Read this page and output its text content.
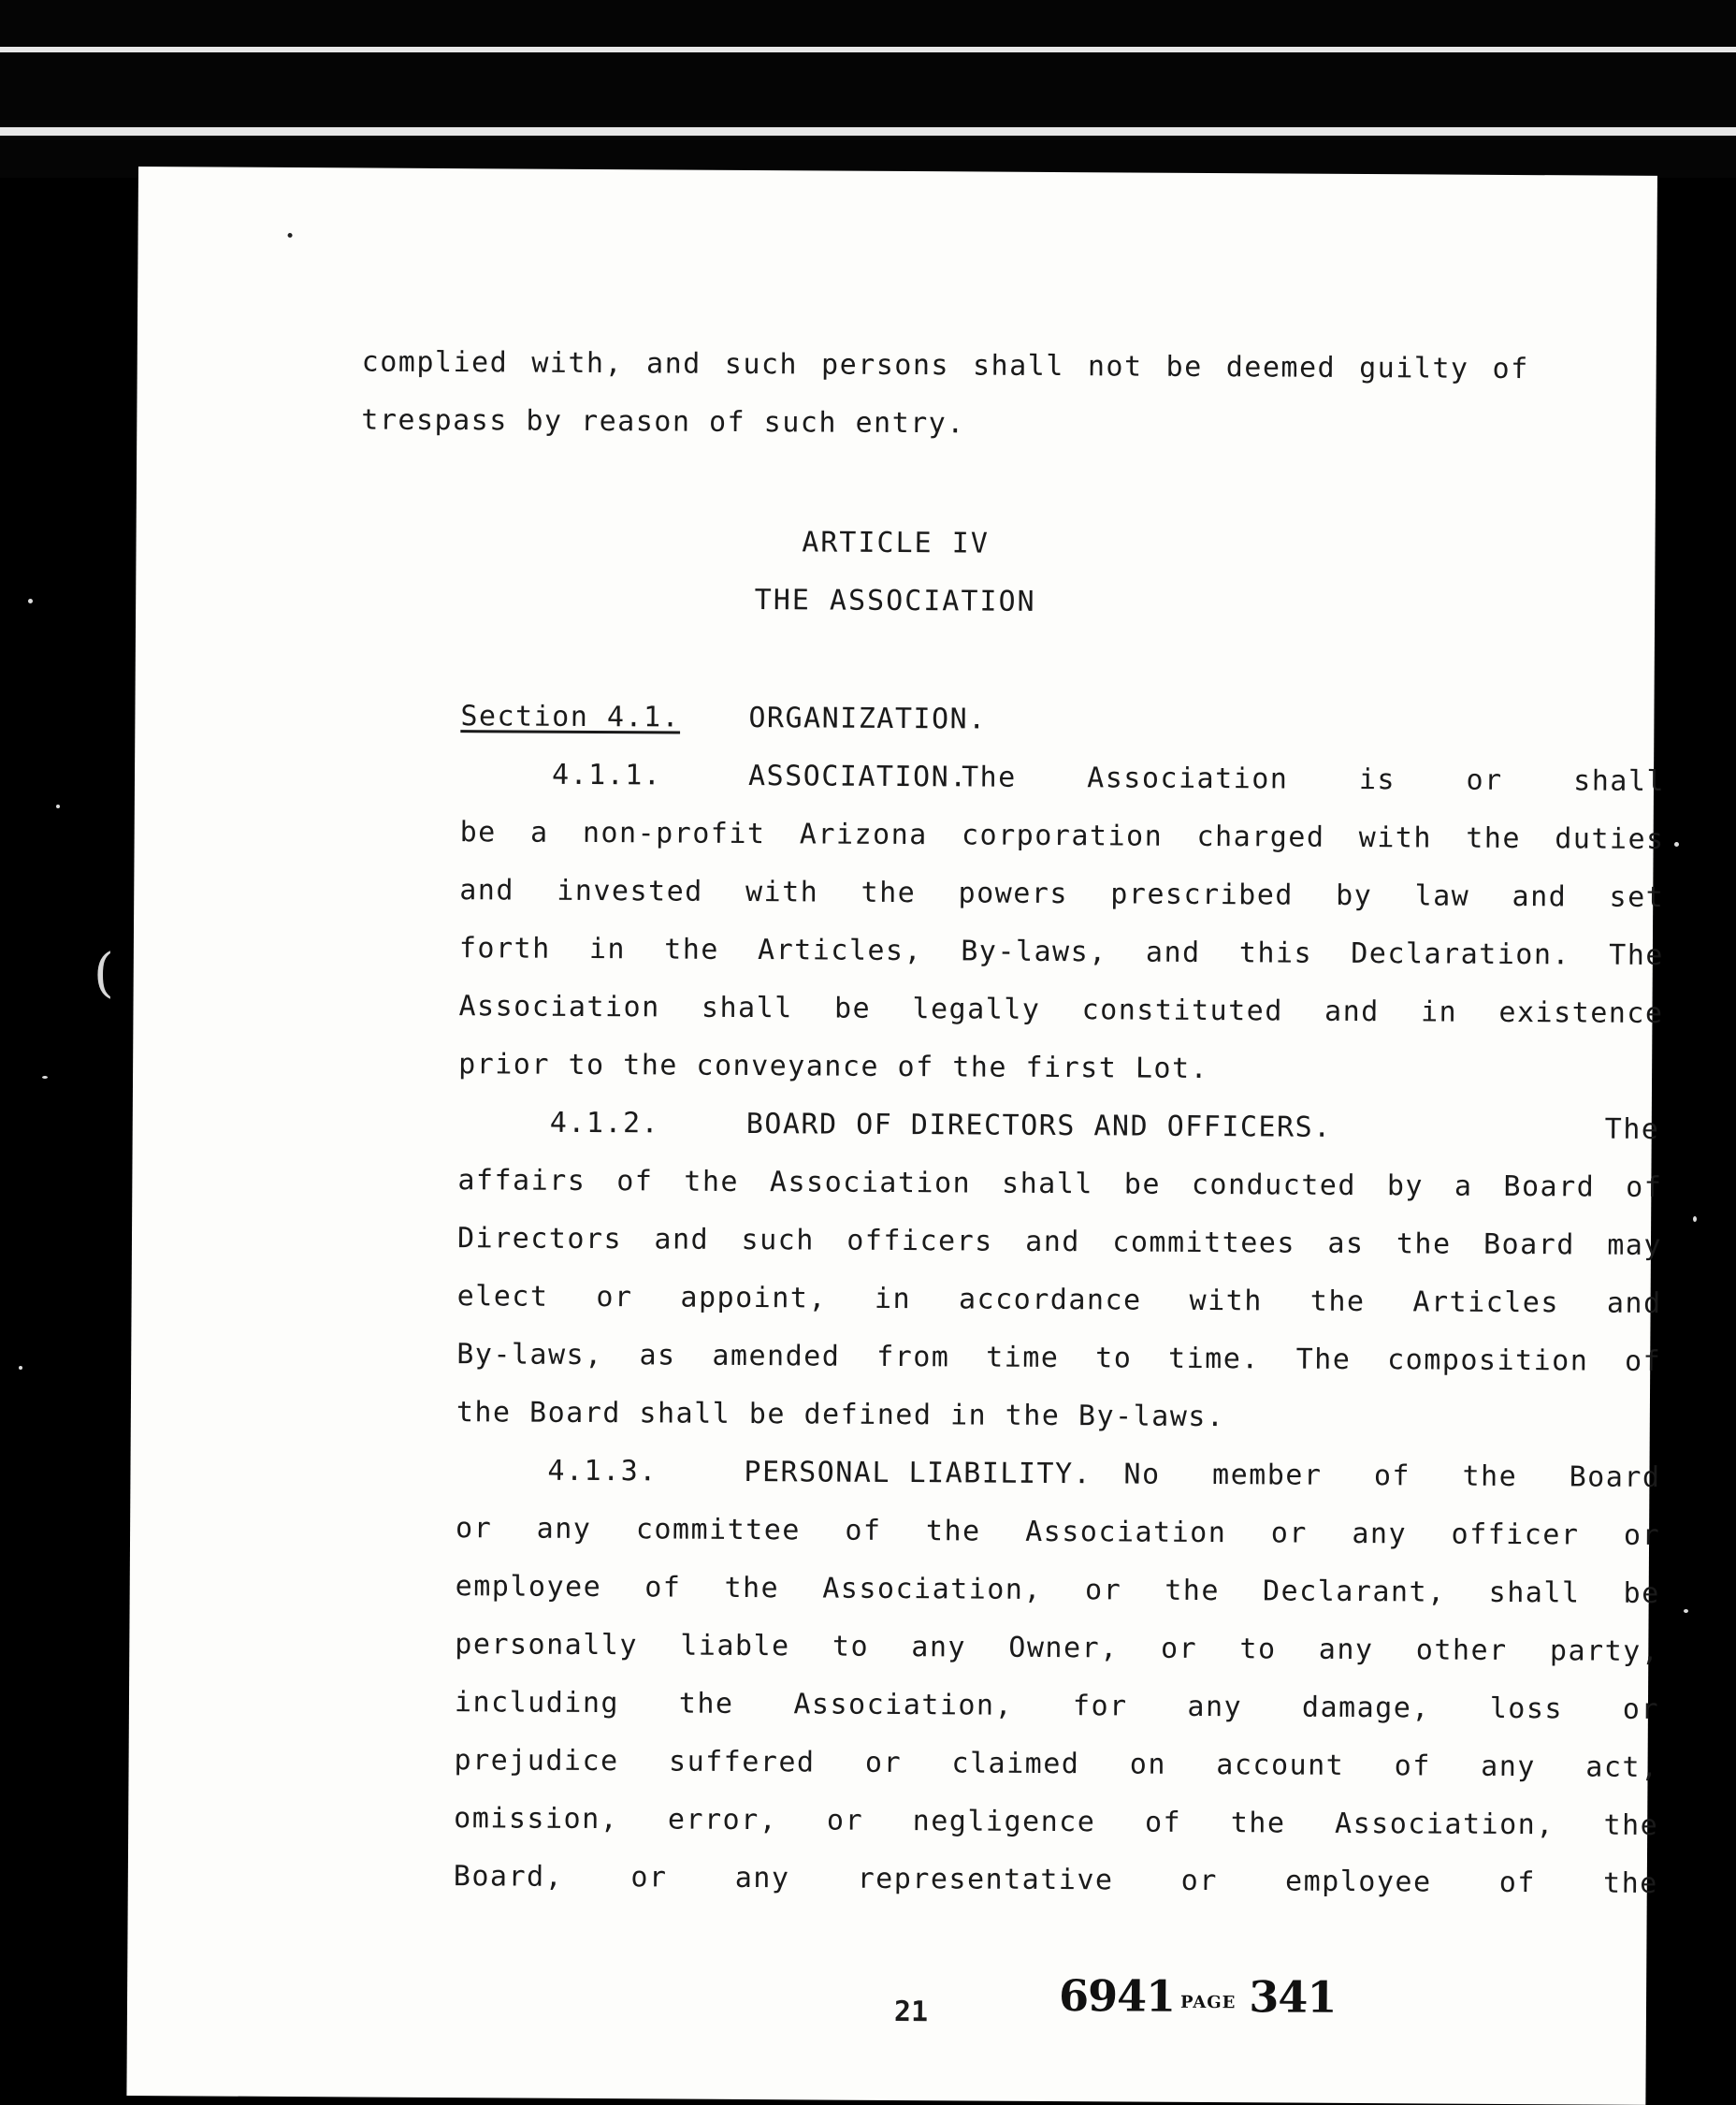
(
complied with, and such persons shall not be deemed guilty of
trespass by reason of such entry.
ARTICLE IV
THE ASSOCIATION
Section 4.1. ORGANIZATION.
4.1.1.	ASSOCIATION.
The Association is or shall
be a non-profit Arizona corporation charged with the duties
and invested with the powers prescribed by law and set
forth in the Articles, By-laws, and this Declaration. The
Association shall be legally constituted and in existence
prior to the conveyance of the first Lot.
4.1.2.	BOARD OF DIRECTORS AND OFFICERS.	The
affairs of the Association shall be conducted by a Board of
Directors and such officers and committees as the Board may
elect or appoint, in accordance with the Articles and
By-laws, as amended from time to time. The composition of
the Board shall be defined in the By-laws.
4.1.3.	PERSONAL LIABILITY. No member of the Board
or any committee of the Association or any officer or
employee of the Association, or the Declarant, shall be
personally liable to any Owner, or to any other party,
including the Association, for any damage, loss or
prejudice suffered or claimed on account of any act,
omission, error, or negligence of the Association, the
Board, or any representative or employee of the
21	6941 PAGE 341
